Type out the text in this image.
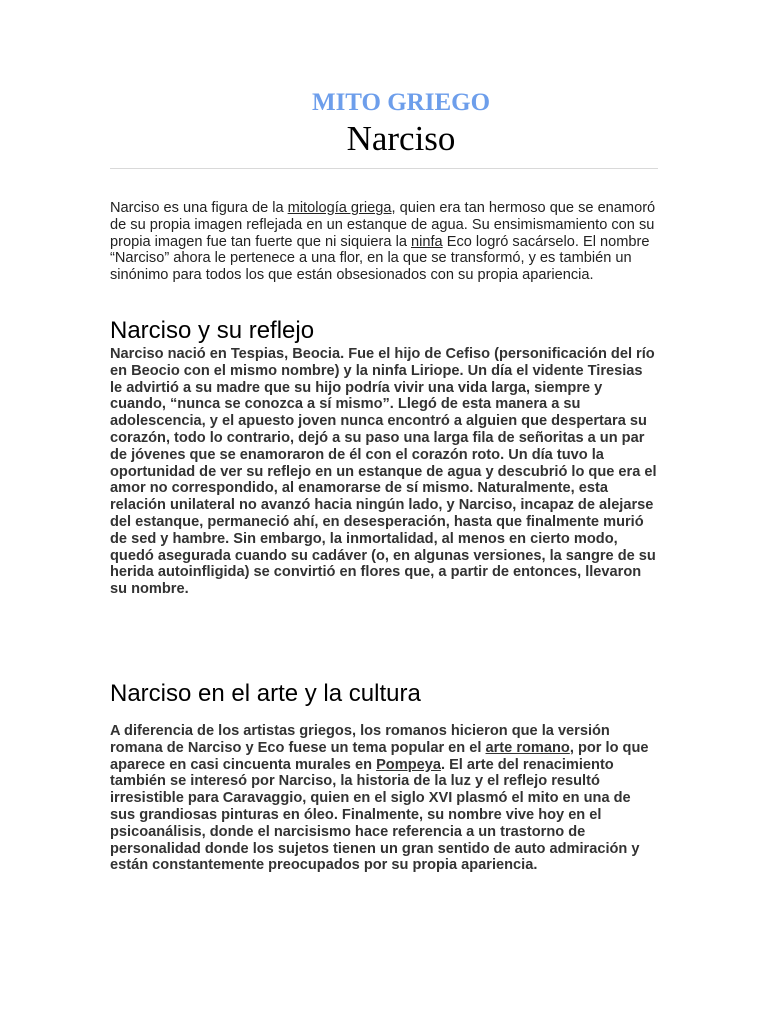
MITO GRIEGO
Narciso

Narciso es una figura de la mitología griega, quien era tan hermoso que se enamoró de su propia imagen reflejada en un estanque de agua. Su ensimismamiento con su propia imagen fue tan fuerte que ni siquiera la ninfa Eco logró sacárselo. El nombre “Narciso” ahora le pertenece a una flor, en la que se transformó, y es también un sinónimo para todos los que están obsesionados con su propia apariencia.

Narciso y su reflejo

Narciso nació en Tespias, Beocia. Fue el hijo de Cefiso (personificación del río en Beocio con el mismo nombre) y la ninfa Liriope. Un día el vidente Tiresias le advirtió a su madre que su hijo podría vivir una vida larga, siempre y cuando, “nunca se conozca a sí mismo”. Llegó de esta manera a su adolescencia, y el apuesto joven nunca encontró a alguien que despertara su corazón, todo lo contrario, dejó a su paso una larga fila de señoritas a un par de jóvenes que se enamoraron de él con el corazón roto. Un día tuvo la oportunidad de ver su reflejo en un estanque de agua y descubrió lo que era el amor no correspondido, al enamorarse de sí mismo. Naturalmente, esta relación unilateral no avanzó hacia ningún lado, y Narciso, incapaz de alejarse del estanque, permaneció ahí, en desesperación, hasta que finalmente murió de sed y hambre. Sin embargo, la inmortalidad, al menos en cierto modo, quedó asegurada cuando su cadáver (o, en algunas versiones, la sangre de su herida autoinfligida) se convirtió en flores que, a partir de entonces, llevaron su nombre.

Narciso en el arte y la cultura

A diferencia de los artistas griegos, los romanos hicieron que la versión romana de Narciso y Eco fuese un tema popular en el arte romano, por lo que aparece en casi cincuenta murales en Pompeya. El arte del renacimiento también se interesó por Narciso, la historia de la luz y el reflejo resultó irresistible para Caravaggio, quien en el siglo XVI plasmó el mito en una de sus grandiosas pinturas en óleo. Finalmente, su nombre vive hoy en el psicoanálisis, donde el narcisismo hace referencia a un trastorno de personalidad donde los sujetos tienen un gran sentido de auto admiración y están constantemente preocupados por su propia apariencia.
